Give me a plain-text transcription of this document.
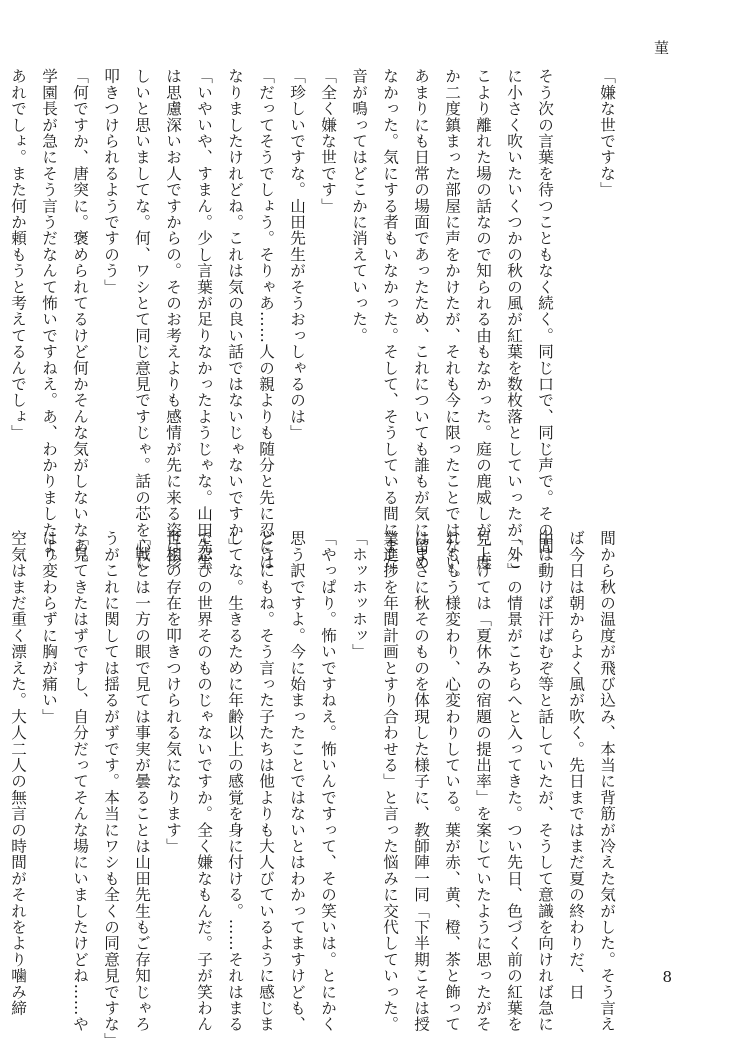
菫
「嫌な世ですな」

そう次の言葉を待つこともなく続く。同じ口で、同じ声で。その間
に小さく吹いたいくつかの秋の風が紅葉を数枚落としていったが、こ
こより離れた場の話なので知られる由もなかった。庭の鹿威しが一度
か二度鎮まった部屋に声をかけたが、それも今に限ったことではない。
あまりにも日常の場面であったため、これについても誰もが気に留め
なかった。気にする者もいなかった。そして、そうしている間にまた
音が鳴ってはどこかに消えていった。
「全く嫌な世です」
「珍しいですな。山田先生がそうおっしゃるのは」
「だってそうでしょう。そりゃあ……人の親よりも随分と先に忍には
なりましたけれどね。これは気の良い話ではないじゃないですか」
「いやいや、すまん。少し言葉が足りなかったようじゃな。山田先生
は思慮深いお人ですからの。そのお考えよりも感情が先に来る姿は珍
しいと思いましてな。何、ワシとて同じ意見ですじゃ。話の芯を心に
叩きつけられるようですのう」
「何ですか、唐突に。褒められてるけど何かそんな気がしないなあ。
学園長が急にそう言うだなんて怖いですねえ。あ、わかりましたよ。
あれでしょ。また何か頼もうと考えてるんでしょ」
間から秋の温度が飛び込み、本当に背筋が冷えた気がした。そう言え
ば今日は朝からよく風が吹く。先日まではまだ夏の終わりだ、日
中は動けば汗ばむぞ等と話していたが、そうして意識を向ければ急に
「外」の情景がこちらへと入ってきた。つい先日、色づく前の紅葉を
見上げては「夏休みの宿題の提出率」を案じていたように思ったがそ
れももう様変わり、心変わりしている。葉が赤、黄、橙、茶と飾って
はまさに秋そのものを体現した様子に、教師陣一同「下半期こそは授
業進捗を年間計画とすり合わせる」と言った悩みに交代していった。
「ホッホッホッ」
「やっぱり。怖いですねえ。怖いんですって、その笑いは。とにかく
思う訳ですよ。今に始まったことではないとはわかってますけども、
どうにもね。そう言った子たちは他よりも大人びているように感じま
してな。生きるために年齢以上の感覚を身に付ける。……それはまる
で忍びの世界そのものじゃないですか。全く嫌なもんだ。子が笑わん
世相の存在を叩きつけられる気になります」
「戦とは一方の眼で見ては事実が曇ることは山田先生もご存知じゃろ
うがこれに関しては揺るがずです。本当にワシも全くの同意見ですな」
「見てきたはずですし、自分だってそんな場にいましたけどね……や
はり変わらずに胸が痛い」
空気はまだ重く漂えた。大人二人の無言の時間がそれをより噛み締	8
